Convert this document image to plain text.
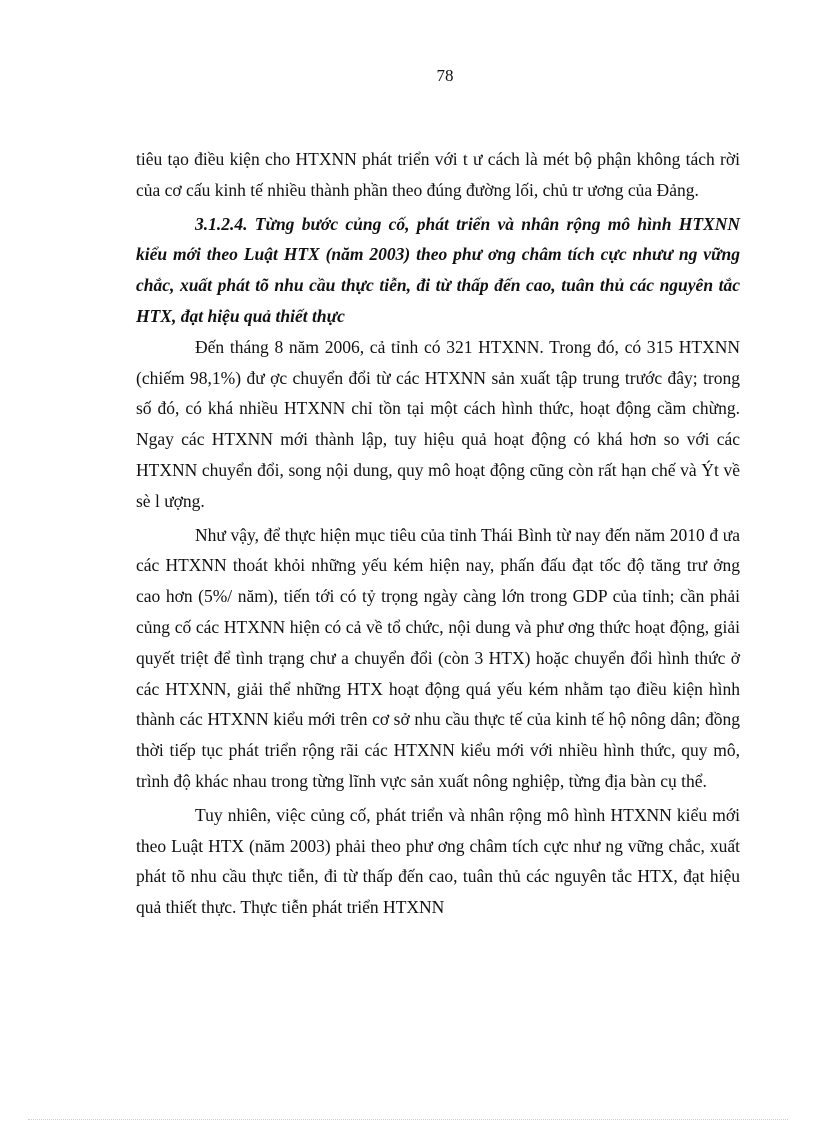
78

tiêu tạo điều kiện cho HTXNN phát triển với t ư cách là mét bộ phận không tách rời của cơ cấu kinh tế nhiều thành phần theo đúng đường lối, chủ tr ương của Đảng.

3.1.2.4. Từng bước củng cố, phát triển và nhân rộng mô hình HTXNN kiểu mới theo Luật HTX (năm 2003) theo phư ơng châm tích cực nhưư ng vững chắc, xuất phát tõ nhu cầu thực tiễn, đi từ thấp đến cao, tuân thủ các nguyên tắc HTX, đạt hiệu quả thiết thực

Đến tháng 8 năm 2006, cả tỉnh có 321 HTXNN. Trong đó, có 315 HTXNN (chiếm 98,1%) đư ợc chuyển đổi từ các HTXNN sản xuất tập trung trước đây; trong số đó, có khá nhiều HTXNN chỉ tồn tại một cách hình thức, hoạt động cầm chừng. Ngay các HTXNN mới thành lập, tuy hiệu quả hoạt động có khá hơn so với các HTXNN chuyển đổi, song nội dung, quy mô hoạt động cũng còn rất hạn chế và Ýt về sè l ượng.

Như vậy, để thực hiện mục tiêu của tỉnh Thái Bình từ nay đến năm 2010 đ ưa các HTXNN thoát khỏi những yếu kém hiện nay, phấn đấu đạt tốc độ tăng trư ởng cao hơn (5%/ năm), tiến tới có tỷ trọng ngày càng lớn trong GDP của tỉnh; cần phải củng cố các HTXNN hiện có cả về tổ chức, nội dung và phư ơng thức hoạt động, giải quyết triệt để tình trạng chư a chuyển đổi (còn 3 HTX) hoặc chuyển đổi hình thức ở các HTXNN, giải thể những HTX hoạt động quá yếu kém nhằm tạo điều kiện hình thành các HTXNN kiểu mới trên cơ sở nhu cầu thực tế của kinh tế hộ nông dân; đồng thời tiếp tục phát triển rộng rãi các HTXNN kiểu mới với nhiều hình thức, quy mô, trình độ khác nhau trong từng lĩnh vực sản xuất nông nghiệp, từng địa bàn cụ thể.

Tuy nhiên, việc củng cố, phát triển và nhân rộng mô hình HTXNN kiểu mới theo Luật HTX (năm 2003) phải theo phư ơng châm tích cực như ng vững chắc, xuất phát tõ nhu cầu thực tiễn, đi từ thấp đến cao, tuân thủ các nguyên tắc HTX, đạt hiệu quả thiết thực. Thực tiễn phát triển HTXNN
